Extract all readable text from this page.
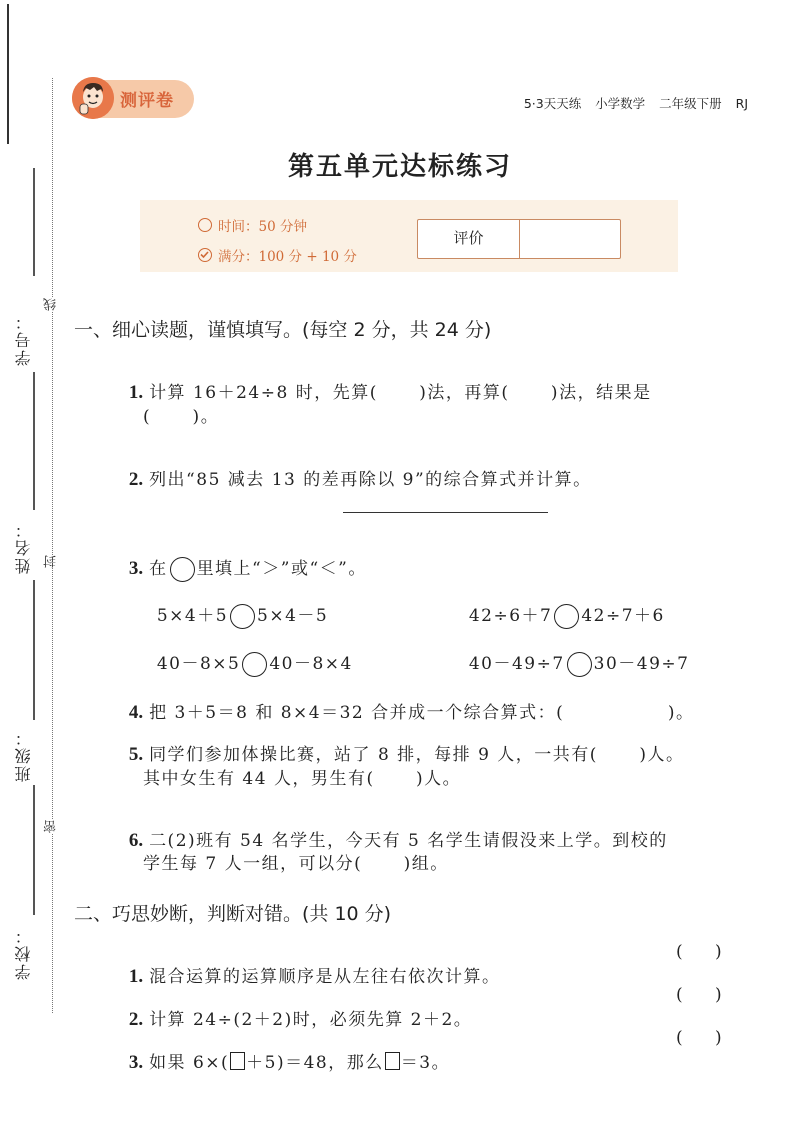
线
封
密
学号：
姓名：
班级：
学校：
测评卷	5·3天天练 小学数学 二年级下册 RJ
第五单元达标练习
时间：50 分钟
满分：100 分 + 10 分
评价
一、细心读题，谨慎填写。(每空 2 分，共 24 分)

1. 计算 16＋24÷8 时，先算(      )法，再算(      )法，结果是

(      )。

2. 列出“85 减去 13 的差再除以 9”的综合算式并计算。

3. 在 里填上“＞”或“＜”。

5×4＋5 5×4－5	42÷6＋7 42÷7＋6

40－8×5 40－8×4	40－49÷7 30－49÷7

4. 把 3＋5＝8 和 8×4＝32 合并成一个综合算式：(               )。

5. 同学们参加体操比赛，站了 8 排，每排 9 人，一共有(      )人。

其中女生有 44 人，男生有(      )人。

6. 二(2)班有 54 名学生，今天有 5 名学生请假没来上学。到校的

学生每 7 人一组，可以分(      )组。
二、巧思妙断，判断对错。(共 10 分)

1. 混合运算的运算顺序是从左往右依次计算。

(      )

2. 计算 24÷(2＋2)时，必须先算 2＋2。

(      )

3. 如果 6×( ＋5)＝48，那么 ＝3。

(      )
